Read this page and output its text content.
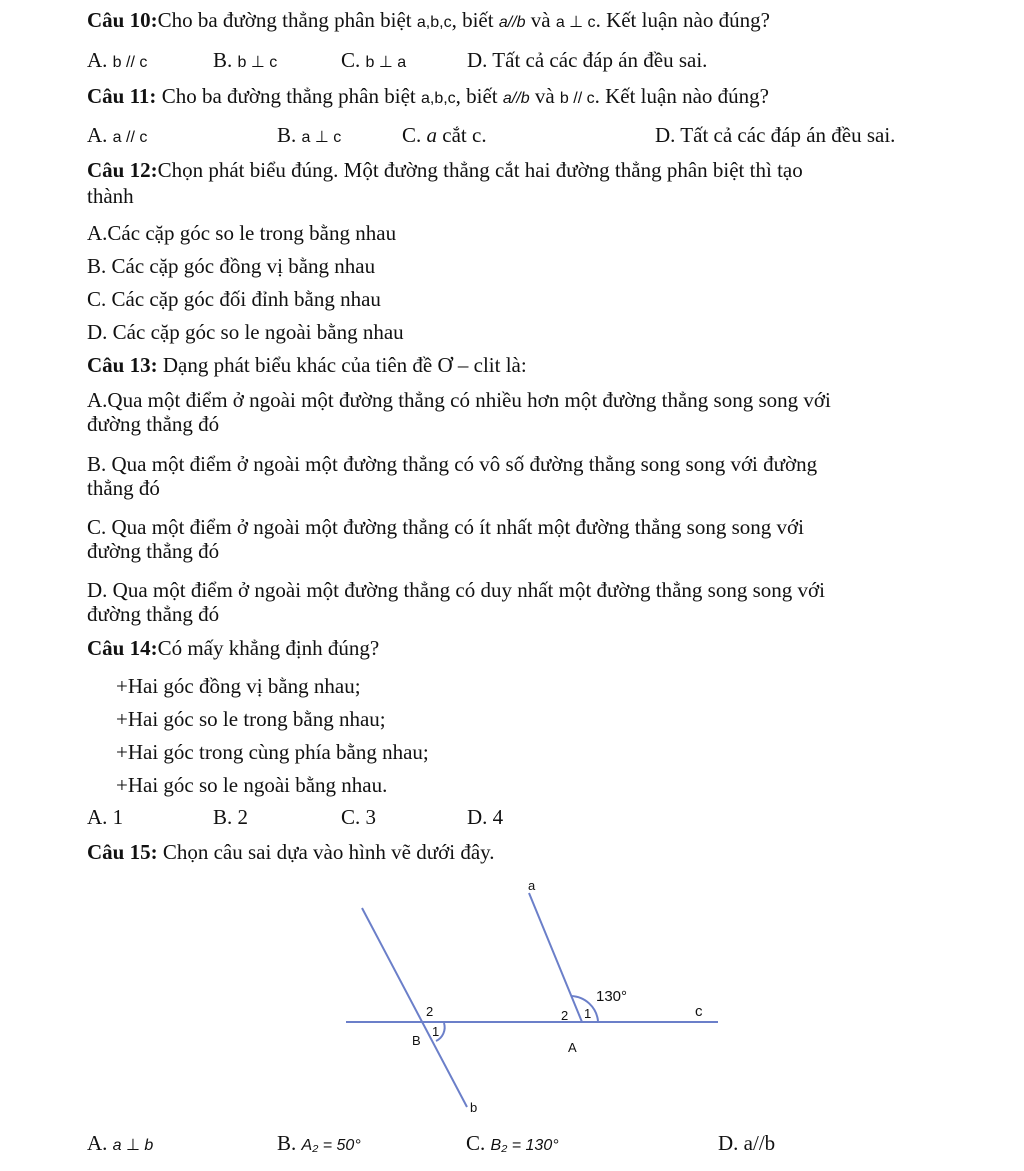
Câu 10:Cho ba đường thẳng phân biệt a,b,c, biết a//b và a ⊥ c. Kết luận nào đúng?
A. b // c	B. b ⊥ c	C. b ⊥ a	D. Tất cả các đáp án đều sai.
Câu 11: Cho ba đường thẳng phân biệt a,b,c, biết a//b và b // c. Kết luận nào đúng?
A. a // c	B. a ⊥ c	C. a cắt c.	D. Tất cả các đáp án đều sai.
Câu 12:Chọn phát biểu đúng. Một đường thẳng cắt hai đường thẳng phân biệt thì tạo
thành
A.Các cặp góc so le trong bằng nhau
B. Các cặp góc đồng vị bằng nhau
C. Các cặp góc đối đỉnh bằng nhau
D. Các cặp góc so le ngoài bằng nhau
Câu 13: Dạng phát biểu khác của tiên đề Ơ – clit là:
A.Qua một điểm ở ngoài một đường thẳng có nhiều hơn một đường thẳng song song với
đường thẳng đó
B. Qua một điểm ở ngoài một đường thẳng có vô số đường thẳng song song với đường
thẳng đó
C. Qua một điểm ở ngoài một đường thẳng có ít nhất một đường thẳng song song với
đường thẳng đó
D. Qua một điểm ở ngoài một đường thẳng có duy nhất một đường thẳng song song với
đường thẳng đó
Câu 14:Có mấy khẳng định đúng?
+Hai góc đồng vị bằng nhau;
+Hai góc so le trong bằng nhau;
+Hai góc trong cùng phía bằng nhau;
+Hai góc so le ngoài bằng nhau.
A. 1	B. 2	C. 3	D. 4
Câu 15: Chọn câu sai dựa vào hình vẽ dưới đây.
a
b
c
A
B
1
2
1
2
130°
A. a ⊥ b	B. A₂ = 50°	C. B₂ = 130°	D. a//b
